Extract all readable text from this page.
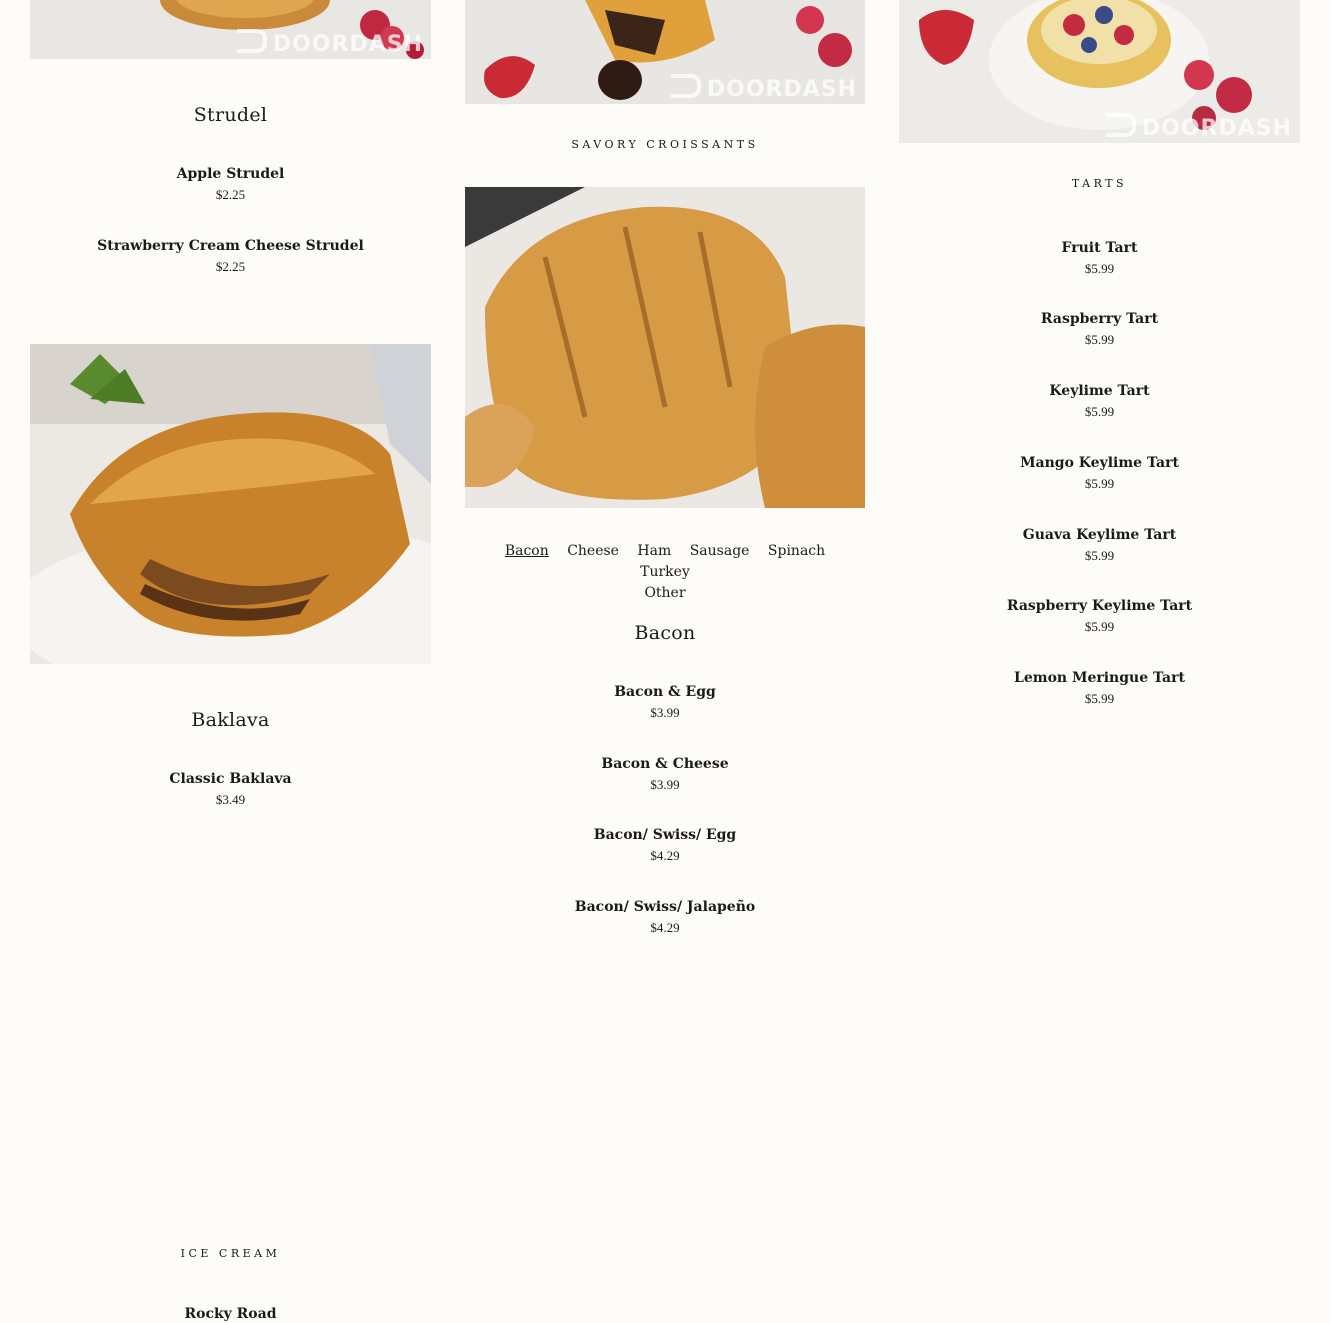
DOORDASH
Strudel
Apple Strudel
$2.25
Strawberry Cream Cheese Strudel
$2.25
Baklava
Classic Baklava
$3.49
ICE CREAM
Rocky Road
DOORDASH
SAVORY CROISSANTS
Bacon Cheese Ham Sausage Spinach Turkey
Other
Bacon
Bacon & Egg
$3.99
Bacon & Cheese
$3.99
Bacon/ Swiss/ Egg
$4.29
Bacon/ Swiss/ Jalapeño
$4.29
DOORDASH
TARTS
Fruit Tart
$5.99
Raspberry Tart
$5.99
Keylime Tart
$5.99
Mango Keylime Tart
$5.99
Guava Keylime Tart
$5.99
Raspberry Keylime Tart
$5.99
Lemon Meringue Tart
$5.99
